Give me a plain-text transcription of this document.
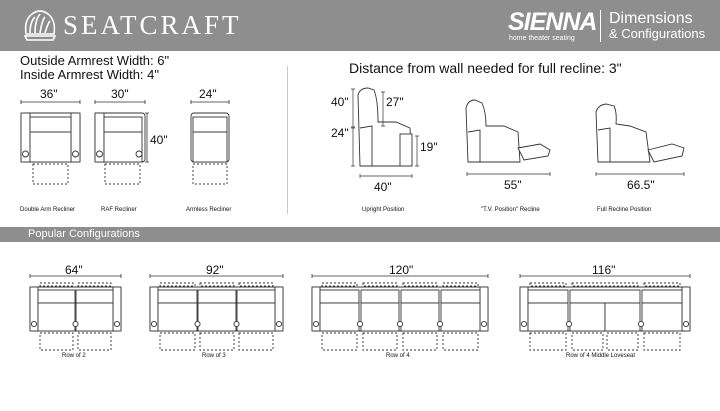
SEATCRAFT	SIENNA
home theater seating
Dimensions
& Configurations
Outside Armrest Width: 6"
Inside Armrest Width: 4"	Distance from wall needed for full recline: 3"
36"	30"	24"
40"
Double Arm Recliner	RAF Recliner	Armless Recliner
40"	27"
24"
19"
40"	55"	66.5"
Upright Position	"T.V. Position" Recline	Full Recline Position
Popular Configurations
64"	92"	120"	116"
Row of 2	Row of 3	Row of 4	Row of 4 Middle Loveseat
